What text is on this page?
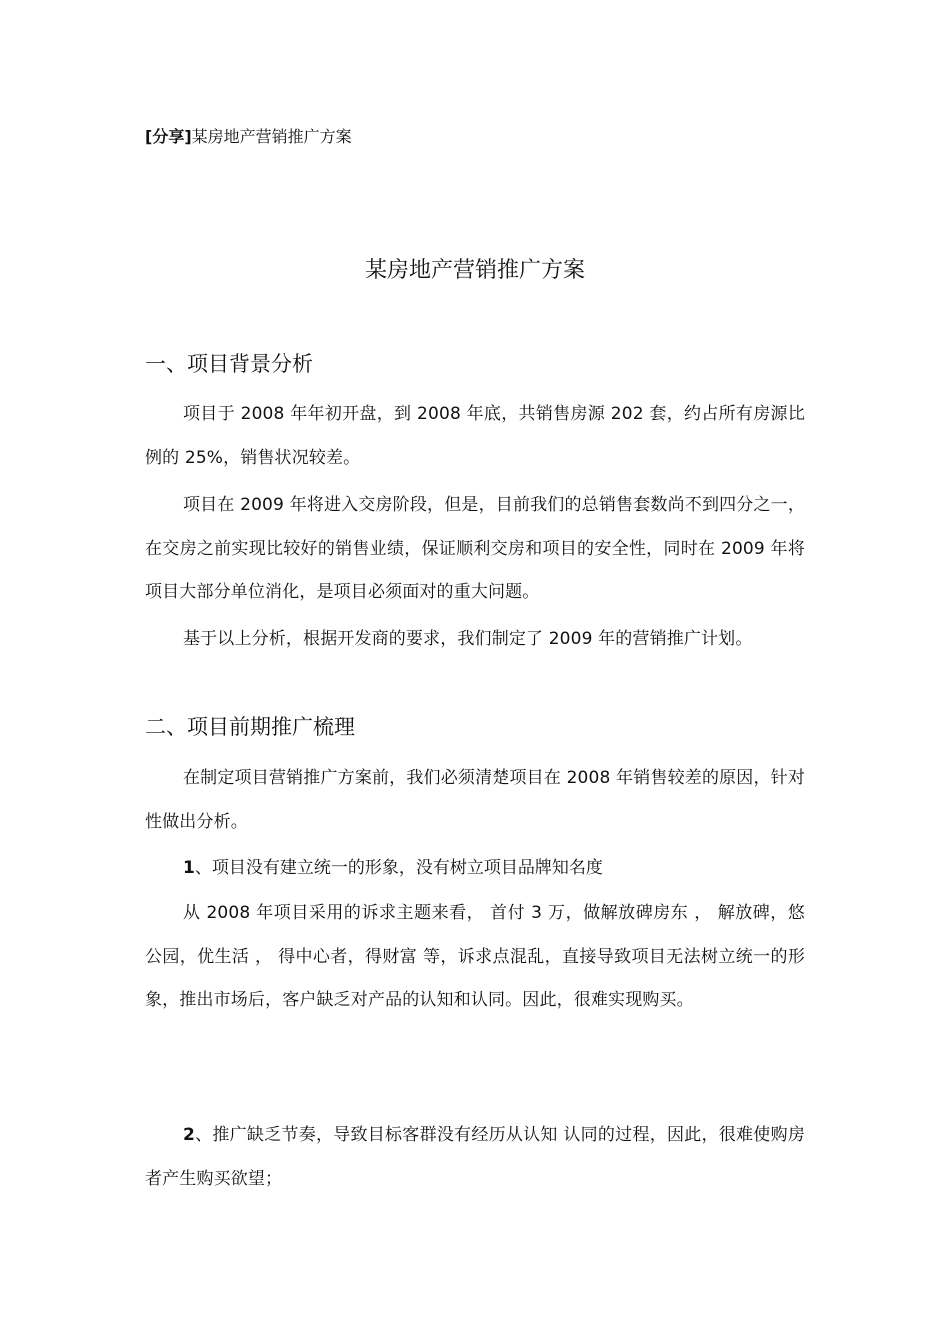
[分享]某房地产营销推广方案
某房地产营销推广方案
一、项目背景分析
项目于 2008 年年初开盘，到 2008 年底，共销售房源 202 套，约占所有房源比例的 25%，销售状况较差。
项目在 2009 年将进入交房阶段，但是，目前我们的总销售套数尚不到四分之一，在交房之前实现比较好的销售业绩，保证顺利交房和项目的安全性，同时在 2009 年将项目大部分单位消化，是项目必须面对的重大问题。
基于以上分析，根据开发商的要求，我们制定了 2009 年的营销推广计划。
二、项目前期推广梳理
在制定项目营销推广方案前，我们必须清楚项目在 2008 年销售较差的原因，针对性做出分析。
1、项目没有建立统一的形象，没有树立项目品牌知名度
从 2008 年项目采用的诉求主题来看， 首付 3 万，做解放碑房东 ， 解放碑，悠公园，优生活 ， 得中心者，得财富 等，诉求点混乱，直接导致项目无法树立统一的形象，推出市场后，客户缺乏对产品的认知和认同。因此，很难实现购买。
2、推广缺乏节奏，导致目标客群没有经历从认知 认同的过程，因此，很难使购房者产生购买欲望；
